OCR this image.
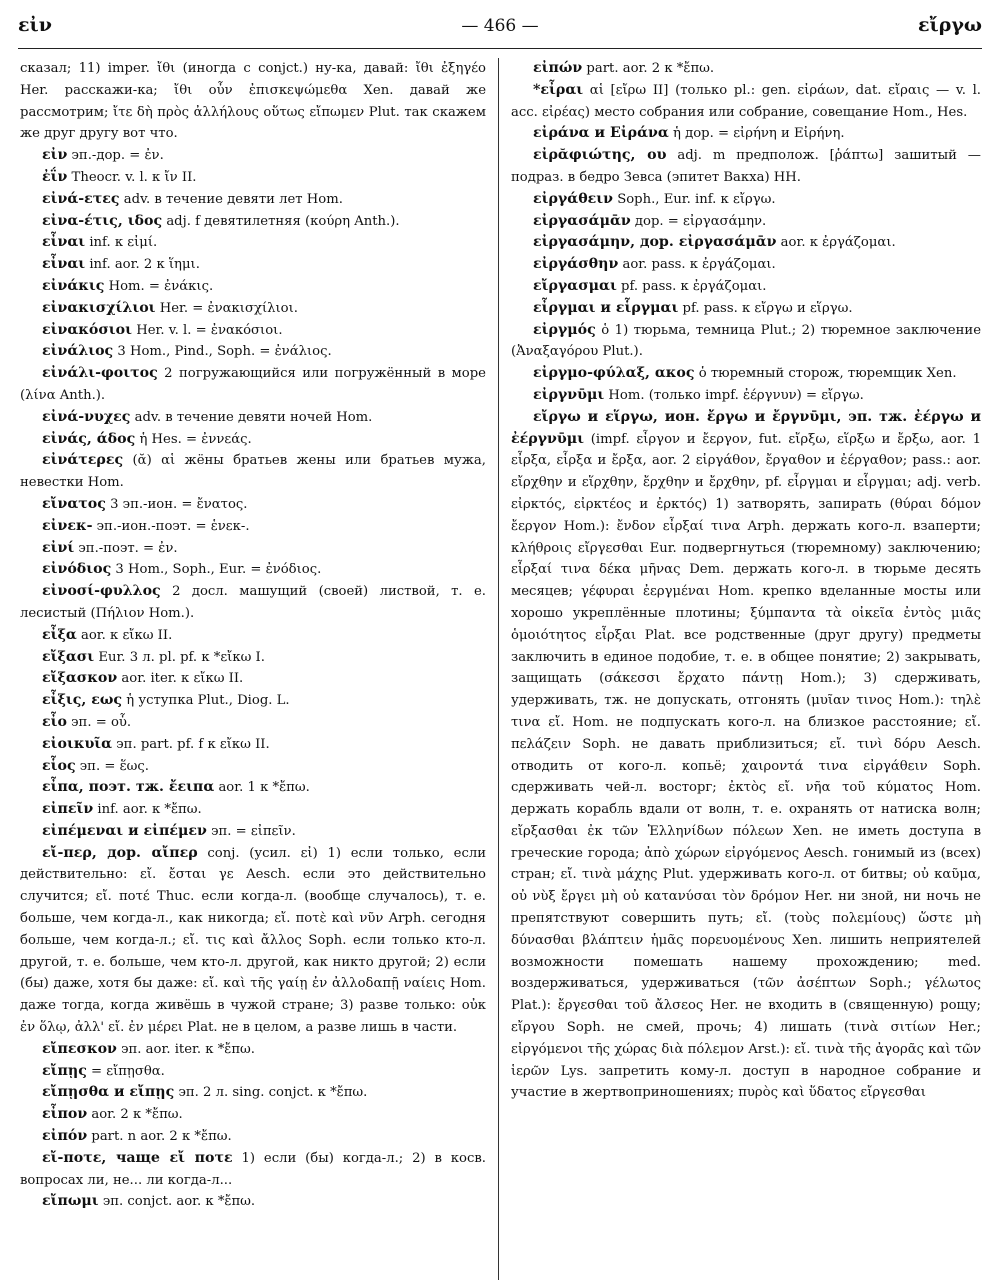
εἰν	— 466 —	εἴργω

сказал; 11) imper. ἴθι (иногда с conjct.) ну-ка, давай: ἴθι ἐξηγέο Her. расскажи-ка; ἴθι οὖν ἐπισκεψώμεθα Xen. давай же рассмотрим; ἴτε δὴ πρὸς ἀλλήλους οὕτως εἴπωμεν Plut. так скажем же друг другу вот что.

εἰν эп.-дор. = ἐν.

ἐΐν Theocr. v. l. к ἴν II.

εἰνά-ετες adv. в течение девяти лет Hom.

εἰνα-έτις, ιδος adj. f девятилетняя (κούρη Anth.).

εἶναι inf. к εἰμί.

εἶναι inf. aor. 2 к ἵημι.

εἰνάκις Hom. = ἐνάκις.

εἰνακισχίλιοι Her. = ἐνακισχίλιοι.

εἰνακόσιοι Her. v. l. = ἐνακόσιοι.

εἰνάλιος 3 Hom., Pind., Soph. = ἐνάλιος.

εἰνάλι-φοιτος 2 погружающийся или погружённый в море (λίνα Anth.).

εἰνά-νυχες adv. в течение девяти ночей Hom.

εἰνάς, άδος ἡ Hes. = ἐννεάς.

εἰνάτερες (ᾰ) αἱ жёны братьев жены или братьев мужа, невестки Hom.

εἴνατος 3 эп.-ион. = ἔνατος.

εἰνεκ- эп.-ион.-поэт. = ἑνεκ-.

εἰνί эп.-поэт. = ἐν.

εἰνόδιος 3 Hom., Soph., Eur. = ἐνόδιος.

εἰνοσί-φυλλος 2 досл. машущий (своей) листвой, т. е. лесистый (Πήλιον Hom.).

εἶξα aor. к εἴκω II.

εἴξασι Eur. 3 л. pl. pf. к *εἴκω I.

εἴξασκον aor. iter. к εἴκω II.

εἶξις, εως ἡ уступка Plut., Diog. L.

εἶο эп. = οὗ.

εἰοικυῖα эп. part. pf. f к εἴκω II.

εἷος эп. = ἕως.

εἶπα, поэт. тж. ἔειπα aor. 1 к *ἔπω.

εἰπεῖν inf. aor. к *ἔπω.

εἰπέμεναι и εἰπέμεν эп. = εἰπεῖν.

εἴ-περ, дор. αἴπερ conj. (усил. εἰ) 1) если только, если действительно: εἴ. ἔσται γε Aesch. если это действительно случится; εἴ. ποτέ Thuc. если когда-л. (вообще случалось), т. е. больше, чем когда-л., как никогда; εἴ. ποτὲ καὶ νῦν Arph. сегодня больше, чем когда-л.; εἴ. τις καὶ ἄλλος Soph. если только кто-л. другой, т. е. больше, чем кто-л. другой, как никто другой; 2) если (бы) даже, хотя бы даже: εἴ. καὶ τῆς γαίῃ ἐν ἀλλοδαπῇ ναίεις Hom. даже тогда, когда живёшь в чужой стране; 3) разве только: οὐκ ἐν ὅλῳ, ἀλλ' εἴ. ἐν μέρει Plat. не в целом, а разве лишь в части.

εἴπεσκον эп. aor. iter. к *ἔπω.

εἴπῃς = εἴπῃσθα.

εἴπῃσθα и εἴπῃς эп. 2 л. sing. conjct. к *ἔπω.

εἶπον aor. 2 к *ἔπω.

εἰπόν part. n aor. 2 к *ἔπω.

εἴ-ποτε, чаще εἴ ποτε 1) если (бы) когда-л.; 2) в косв. вопросах ли, не... ли когда-л...

εἴπωμι эп. conjct. aor. к *ἔπω.

εἰπών part. aor. 2 к *ἔπω.

*εἶραι αἱ [εἴρω II] (только pl.: gen. εἰράων, dat. εἴραις — v. l. acc. εἰρέας) место собрания или собрание, совещание Hom., Hes.

εἰράνα и Εἰράνα ἡ дор. = εἰρήνη и Εἰρήνη.

εἰρᾰφιώτης, ου adj. m предполож. [ῥάπτω] зашитый — подраз. в бедро Зевса (эпитет Вакха) HH.

εἰργάθειν Soph., Eur. inf. к εἴργω.

εἰργασάμᾱν дор. = εἰργασάμην.

εἰργασάμην, дор. εἰργασάμᾱν aor. к ἐργάζομαι.

εἰργάσθην aor. pass. к ἐργάζομαι.

εἴργασμαι pf. pass. к ἐργάζομαι.

εἶργμαι и εἷργμαι pf. pass. к εἴργω и εἵργω.

εἰργμός ὁ 1) тюрьма, темница Plut.; 2) тюремное заключение (Ἀναξαγόρου Plut.).

εἰργμο-φύλαξ, ακος ὁ тюремный сторож, тюремщик Xen.

εἰργνῡμι Hom. (только impf. ἐέργνυν) = εἴργω.

εἴργω и εἵργω, ион. ἔργω и ἔργνῡμι, эп. тж. ἐέργω и ἐέργνῡμι (impf. εἶργον и ἔεργον, fut. εἴρξω, εἵρξω и ἔρξω, aor. 1 εἶρξα, εἷρξα и ἔρξα, aor. 2 εἰργάθον, ἔργαθον и ἐέργαθον; pass.: aor. εἴρχθην и εἵρχθην, ἔρχθην и ἔρχθην, pf. εἶργμαι и εἷργμαι; adj. verb. εἰρκτός, εἰρκτέος и ἐρκτός) 1) затворять, запирать (θύραι δόμον ἔεργον Hom.): ἔνδον εἶρξαί τινα Arph. держать кого-л. взаперти; κλήθροις εἴργεσθαι Eur. подвергнуться (тюремному) заключению; εἶρξαί τινα δέκα μῆνας Dem. держать кого-л. в тюрьме десять месяцев; γέφυραι ἐεργμέναι Hom. крепко вделанные мосты или хорошо укреплённые плотины; ξύμπαντα τὰ οἰκεῖα ἐντὸς μιᾶς ὁμοιότητος εἶρξαι Plat. все родственные (друг другу) предметы заключить в единое подобие, т. е. в общее понятие; 2) закрывать, защищать (σάκεσσι ἔρχατο πάντῃ Hom.); 3) сдерживать, удерживать, тж. не допускать, отгонять (μυῖαν τινος Hom.): τηλὲ τινα εἴ. Hom. не подпускать кого-л. на близкое расстояние; εἴ. πελάζειν Soph. не давать приблизиться; εἴ. τινὶ δόρυ Aesch. отводить от кого-л. копьё; χαιροντά τινα εἰργάθειν Soph. сдерживать чей-л. восторг; ἐκτὸς εἴ. νῆα τοῦ κύματος Hom. держать корабль вдали от волн, т. е. охранять от натиска волн; εἴρξασθαι ἐκ τῶν Ἑλληνίδων πόλεων Xen. не иметь доступа в греческие города; ἀπὸ χώρων εἰργόμενος Aesch. гонимый из (всех) стран; εἴ. τινὰ μάχης Plut. удерживать кого-л. от битвы; οὐ καῦμα, οὐ νὺξ ἔργει μὴ οὐ κατανύσαι τὸν δρόμον Her. ни зной, ни ночь не препятствуют совершить путь; εἴ. (τοὺς πολεμίους) ὥστε μὴ δύνασθαι βλάπτειν ἡμᾶς πορευομένους Xen. лишить неприятелей возможности помешать нашему прохождению; med. воздерживаться, удерживаться (τῶν ἀσέπτων Soph.; γέλωτος Plat.): ἔργεσθαι τοῦ ἄλσεος Her. не входить в (священную) рощу; εἴργου Soph. не смей, прочь; 4) лишать (τινὰ σιτίων Her.; εἰργόμενοι τῆς χώρας διὰ πόλεμον Arst.): εἴ. τινὰ τῆς ἀγορᾶς καὶ τῶν ἱερῶν Lys. запретить кому-л. доступ в народное собрание и участие в жертвоприношениях; πυρὸς καὶ ὕδατος εἴργεσθαι
